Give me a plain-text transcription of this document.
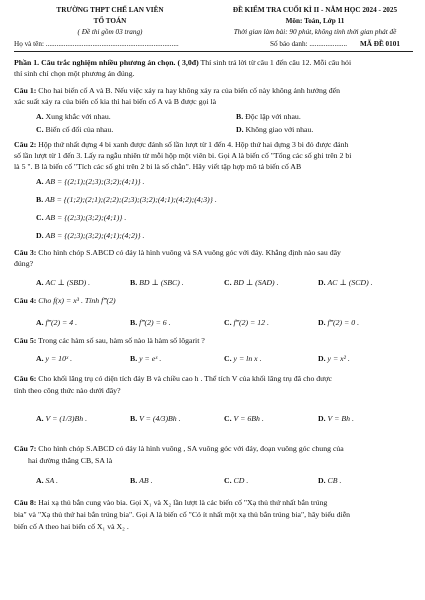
TRƯỜNG THPT CHẾ LAN VIÊN
TỔ TOÁN
( Đề thi gồm 03 trang)
ĐỀ KIỂM TRA CUỐI KÌ II - NĂM HỌC 2024 - 2025
Môn: Toán, Lớp 11
Thời gian làm bài: 90 phút, không tính thời gian phát đề
Họ và tên: ..........................................................................	Số báo danh: ..................... MÃ ĐỀ 0101
Phần 1. Câu trắc nghiệm nhiều phương án chọn. ( 3,0đ) Thí sinh trả lời từ câu 1 đến câu 12. Mỗi câu hỏi
thí sinh chỉ chọn một phương án đúng.
Câu 1: Cho hai biến cố A và B. Nếu việc xảy ra hay không xảy ra của biến cố này không ảnh hưởng đến
xác suất xảy ra của biến cố kia thì hai biến cố A và B được gọi là
A. Xung khắc với nhau.	B. Độc lập với nhau.
C. Biến cố đối của nhau.	D. Không giao với nhau.
Câu 2: Hộp thứ nhất đựng 4 bi xanh được đánh số lần lượt từ 1 đến 4. Hộp thứ hai đựng 3 bi đỏ được đánh
số lần lượt từ 1 đến 3. Lấy ra ngẫu nhiên từ mỗi hộp một viên bi. Gọi A là biến cố "Tổng các số ghi trên 2 bi
là 5 ". B là biến cố "Tích các số ghi trên 2 bi là số chẵn". Hãy viết tập hợp mô tả biến cố AB
A. AB = {(2;1);(2;3);(3;2);(4;1)} .
B. AB = {(1;2);(2;1);(2;2);(2;3);(3;2);(4;1);(4;2);(4;3)} .
C. AB = {(2;3);(3;2);(4;1)} .
D. AB = {(2;3);(3;2);(4;1);(4;2)} .
Câu 3: Cho hình chóp S.ABCD có đáy là hình vuông và SA vuông góc với đáy. Khẳng định nào sau đây
đúng?
A. AC ⊥ (SBD) .	B. BD ⊥ (SBC) .	C. BD ⊥ (SAD) .	D. AC ⊥ (SCD) .
Câu 4: Cho f(x) = x³ . Tính f‴(2)
A. f‴(2) = 4 .	B. f‴(2) = 6 .	C. f‴(2) = 12 .	D. f‴(2) = 0 .
Câu 5: Trong các hàm số sau, hàm số nào là hàm số lôgarit ?
A. y = 10ˣ .	B. y = eˣ .	C. y = ln x .	D. y = x² .
Câu 6: Cho khối lăng trụ có diện tích đáy B và chiều cao h . Thể tích V của khối lăng trụ đã cho được
tính theo công thức nào dưới đây?
A. V = (1/3)Bh .	B. V = (4/3)Bh .	C. V = 6Bh .	D. V = Bh .
Câu 7: Cho hình chóp S.ABCD có đáy là hình vuông , SA vuông góc với đáy, đoạn vuông góc chung của
hai đường thẳng CB, SA là
A. SA .	B. AB .	C. CD .	D. CB .
Câu 8: Hai xạ thủ bắn cung vào bia. Gọi X₁ và X₂ lần lượt là các biến cố "Xạ thủ thứ nhất bắn trúng
bia" và "Xạ thủ thứ hai bắn trúng bia". Gọi A là biến cố "Có ít nhất một xạ thủ bắn trúng bia", hãy biểu diễn
biến cố A theo hai biến cố X₁ và X₂ .
